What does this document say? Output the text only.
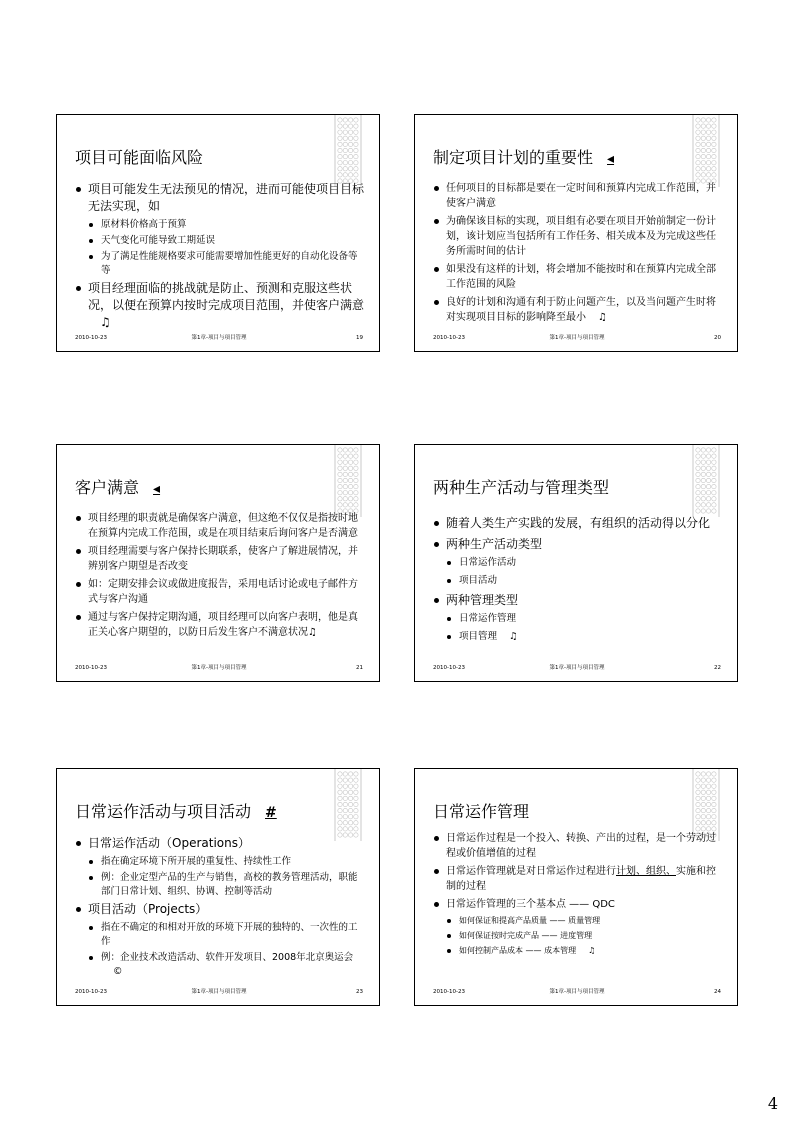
项目可能面临风险
项目可能发生无法预见的情况，进而可能使项目目标无法实现，如
原材料价格高于预算
天气变化可能导致工期延误
为了满足性能规格要求可能需要增加性能更好的自动化设备等等
项目经理面临的挑战就是防止、预测和克服这些状况，以便在预算内按时完成项目范围，并使客户满意♫
2010-10-23	第1章-项目与项目管理	19
制定项目计划的重要性 ◂
任何项目的目标都是要在一定时间和预算内完成工作范围，并使客户满意
为确保该目标的实现，项目组有必要在项目开始前制定一份计划，该计划应当包括所有工作任务、相关成本及为完成这些任务所需时间的估计
如果没有这样的计划，将会增加不能按时和在预算内完成全部工作范围的风险
良好的计划和沟通有利于防止问题产生，以及当问题产生时将对实现项目目标的影响降至最小 ♫
2010-10-23	第1章-项目与项目管理	20
客户满意 ◂
项目经理的职责就是确保客户满意，但这绝不仅仅是指按时地在预算内完成工作范围，或是在项目结束后询问客户是否满意
项目经理需要与客户保持长期联系，使客户了解进展情况，并辨别客户期望是否改变
如：定期安排会议或做进度报告，采用电话讨论或电子邮件方式与客户沟通
通过与客户保持定期沟通，项目经理可以向客户表明，他是真正关心客户期望的，以防日后发生客户不满意状况♫
2010-10-23	第1章-项目与项目管理	21
两种生产活动与管理类型
随着人类生产实践的发展，有组织的活动得以分化
两种生产活动类型
日常运作活动
项目活动
两种管理类型
日常运作管理
项目管理 ♫
2010-10-23	第1章-项目与项目管理	22
日常运作活动与项目活动 #
日常运作活动（Operations）
指在确定环境下所开展的重复性、持续性工作
例：企业定型产品的生产与销售，高校的教务管理活动，职能部门日常计划、组织、协调、控制等活动
项目活动（Projects）
指在不确定的和相对开放的环境下开展的独特的、一次性的工作
例：企业技术改造活动、软件开发项目、2008年北京奥运会©
2010-10-23	第1章-项目与项目管理	23
日常运作管理
日常运作过程是一个投入、转换、产出的过程，是一个劳动过程或价值增值的过程
日常运作管理就是对日常运作过程进行计划、组织、实施和控制的过程
日常运作管理的三个基本点 —— QDC
如何保证和提高产品质量 —— 质量管理
如何保证按时完成产品 —— 进度管理
如何控制产品成本 —— 成本管理 ♫
2010-10-23	第1章-项目与项目管理	24
4
